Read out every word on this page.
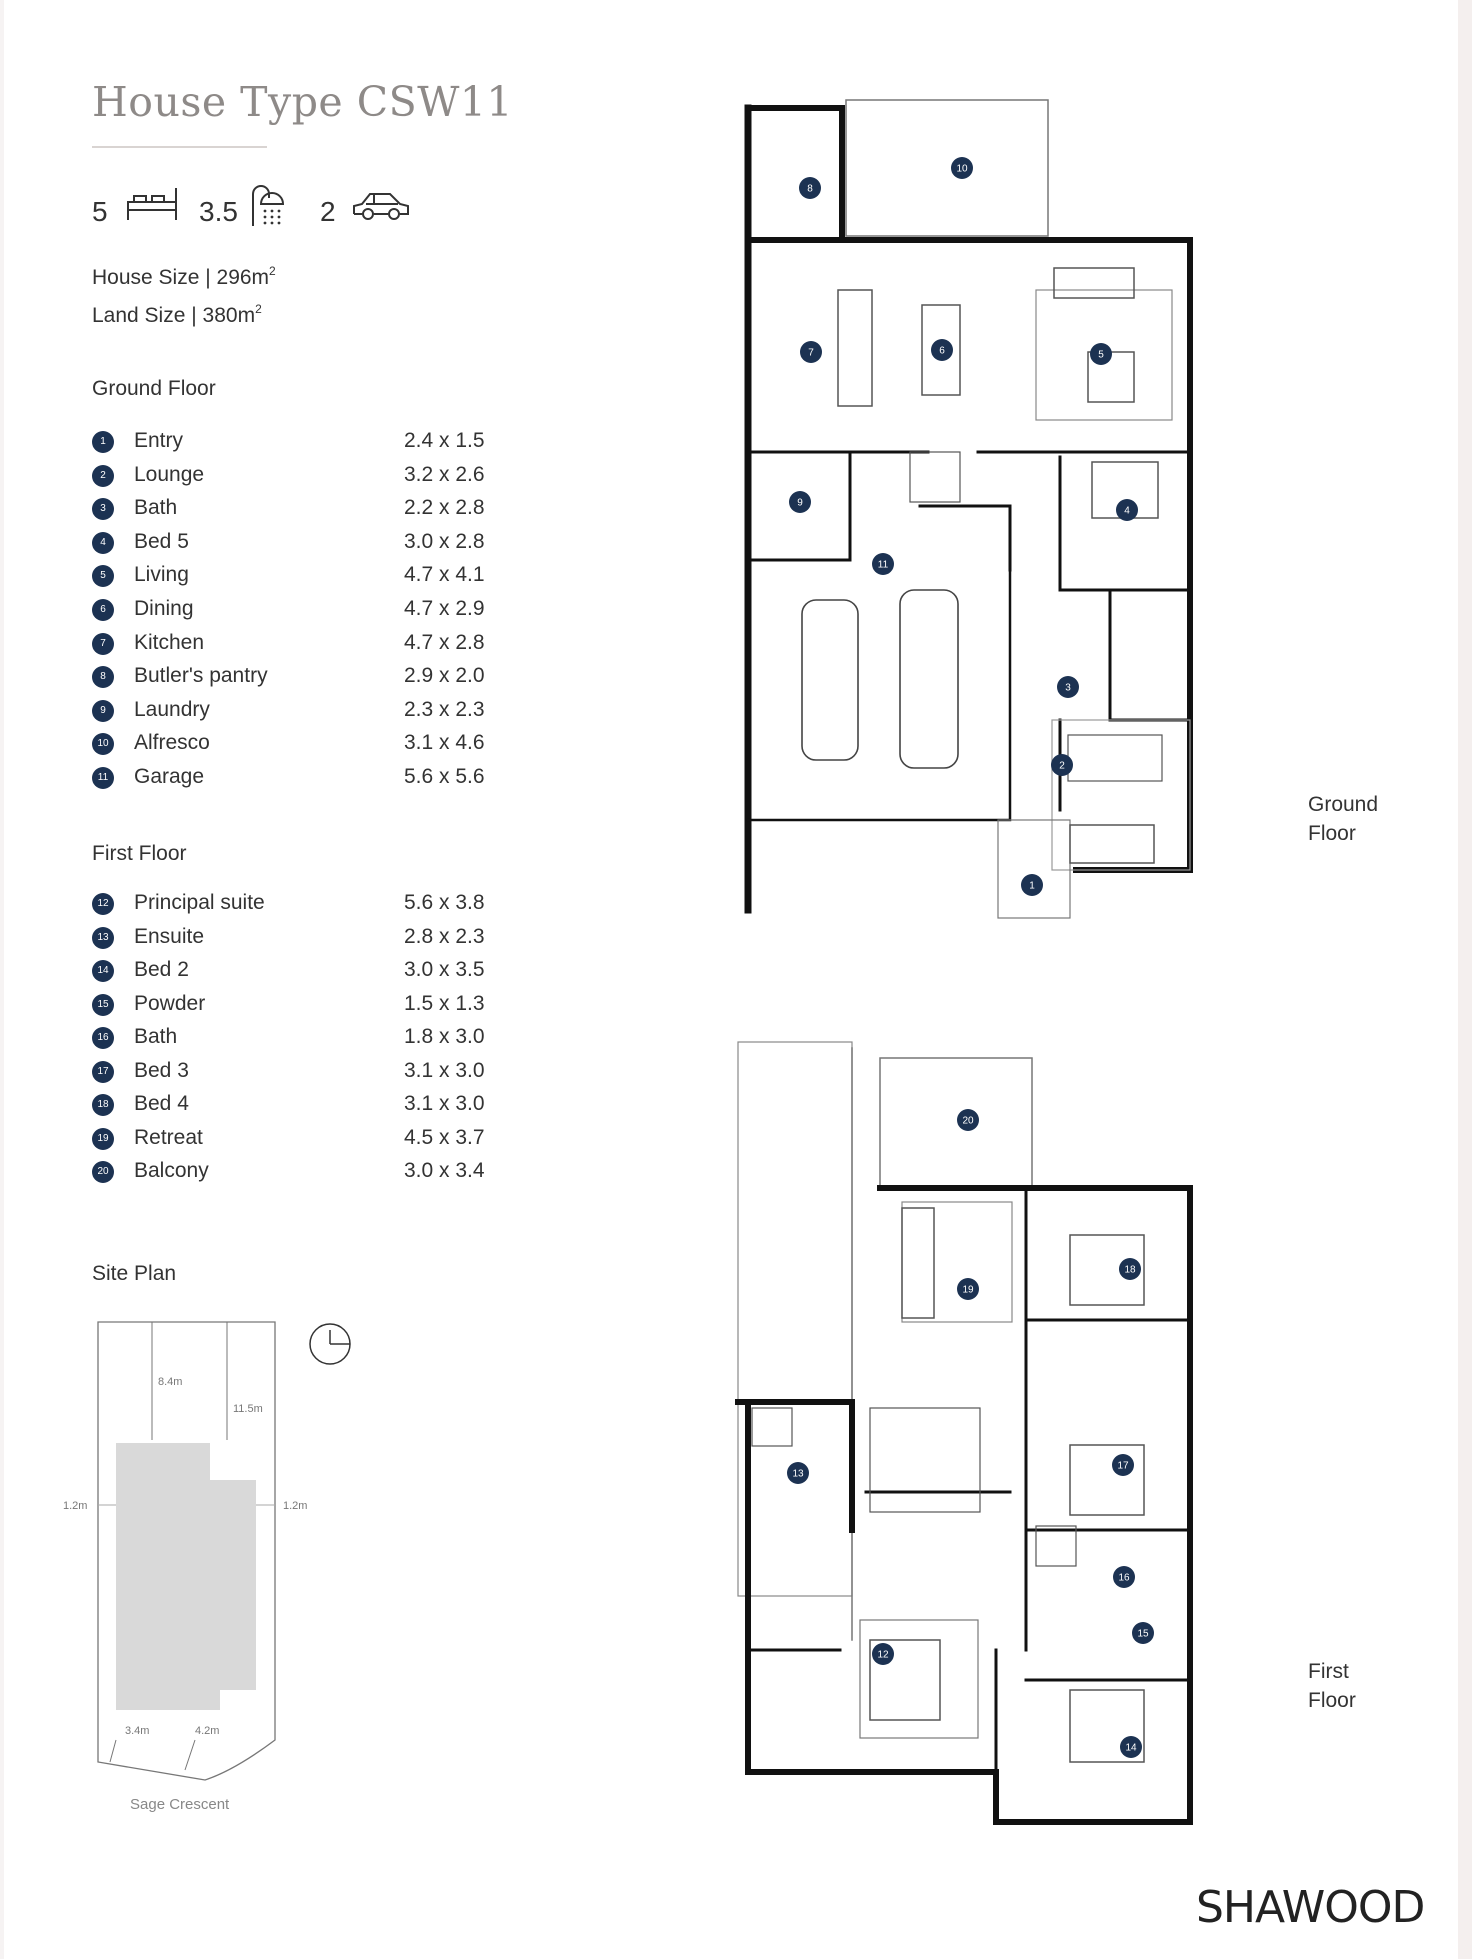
House Type CSW11
5	3.5	2
House Size | $296m^2$
Land Size | $380m^2$
Ground Floor
1	Entry	2.4 x 1.5
2	Lounge	3.2 x 2.6
3	Bath	2.2 x 2.8
4	Bed 5	3.0 x 2.8
5	Living	4.7 x 4.1
6	Dining	4.7 x 2.9
7	Kitchen	4.7 x 2.8
8	Butler's pantry	2.9 x 2.0
9	Laundry	2.3 x 2.3
10 Alfresco	3.1 x 4.6
11 Garage	5.6 x 5.6
First Floor
12 Principal suite	5.6 x 3.8
13 Ensuite	2.8 x 2.3
14 Bed 2	3.0 x 3.5
15 Powder	1.5 x 1.3
16 Bath	1.8 x 3.0
17 Bed 3	3.1 x 3.0
18 Bed 4	3.1 x 3.0
19 Retreat	4.5 x 3.7
20 Balcony	3.0 x 3.4
1
2
3
4
5
6
7
8
9
10
11
12
13
14
15
16
17
18
19
20
Ground
Floor
First
Floor
Site Plan
8.4m
11.5m
1.2m	1.2m
3.4m	4.2m
Sage Crescent
SHAWOOD
